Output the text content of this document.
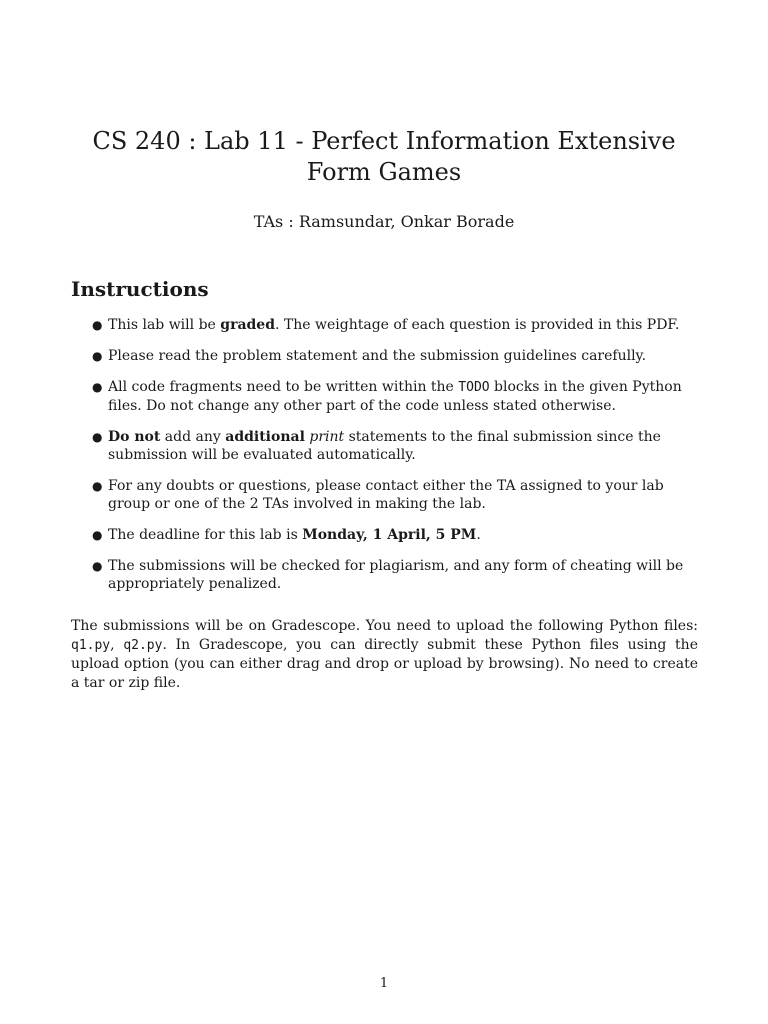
CS 240 : Lab 11 - Perfect Information Extensive Form Games
TAs : Ramsundar, Onkar Borade
Instructions
● This lab will be graded. The weightage of each question is provided in this PDF.
● Please read the problem statement and the submission guidelines carefully.
● All code fragments need to be written within the TODO blocks in the given Python files. Do not change any other part of the code unless stated otherwise.
● Do not add any additional print statements to the final submission since the submission will be evaluated automatically.
● For any doubts or questions, please contact either the TA assigned to your lab group or one of the 2 TAs involved in making the lab.
● The deadline for this lab is Monday, 1 April, 5 PM.
● The submissions will be checked for plagiarism, and any form of cheating will be appropriately penalized.

The submissions will be on Gradescope. You need to upload the following Python files: q1.py, q2.py. In Gradescope, you can directly submit these Python files using the upload option (you can either drag and drop or upload by browsing). No need to create a tar or zip file.

1
